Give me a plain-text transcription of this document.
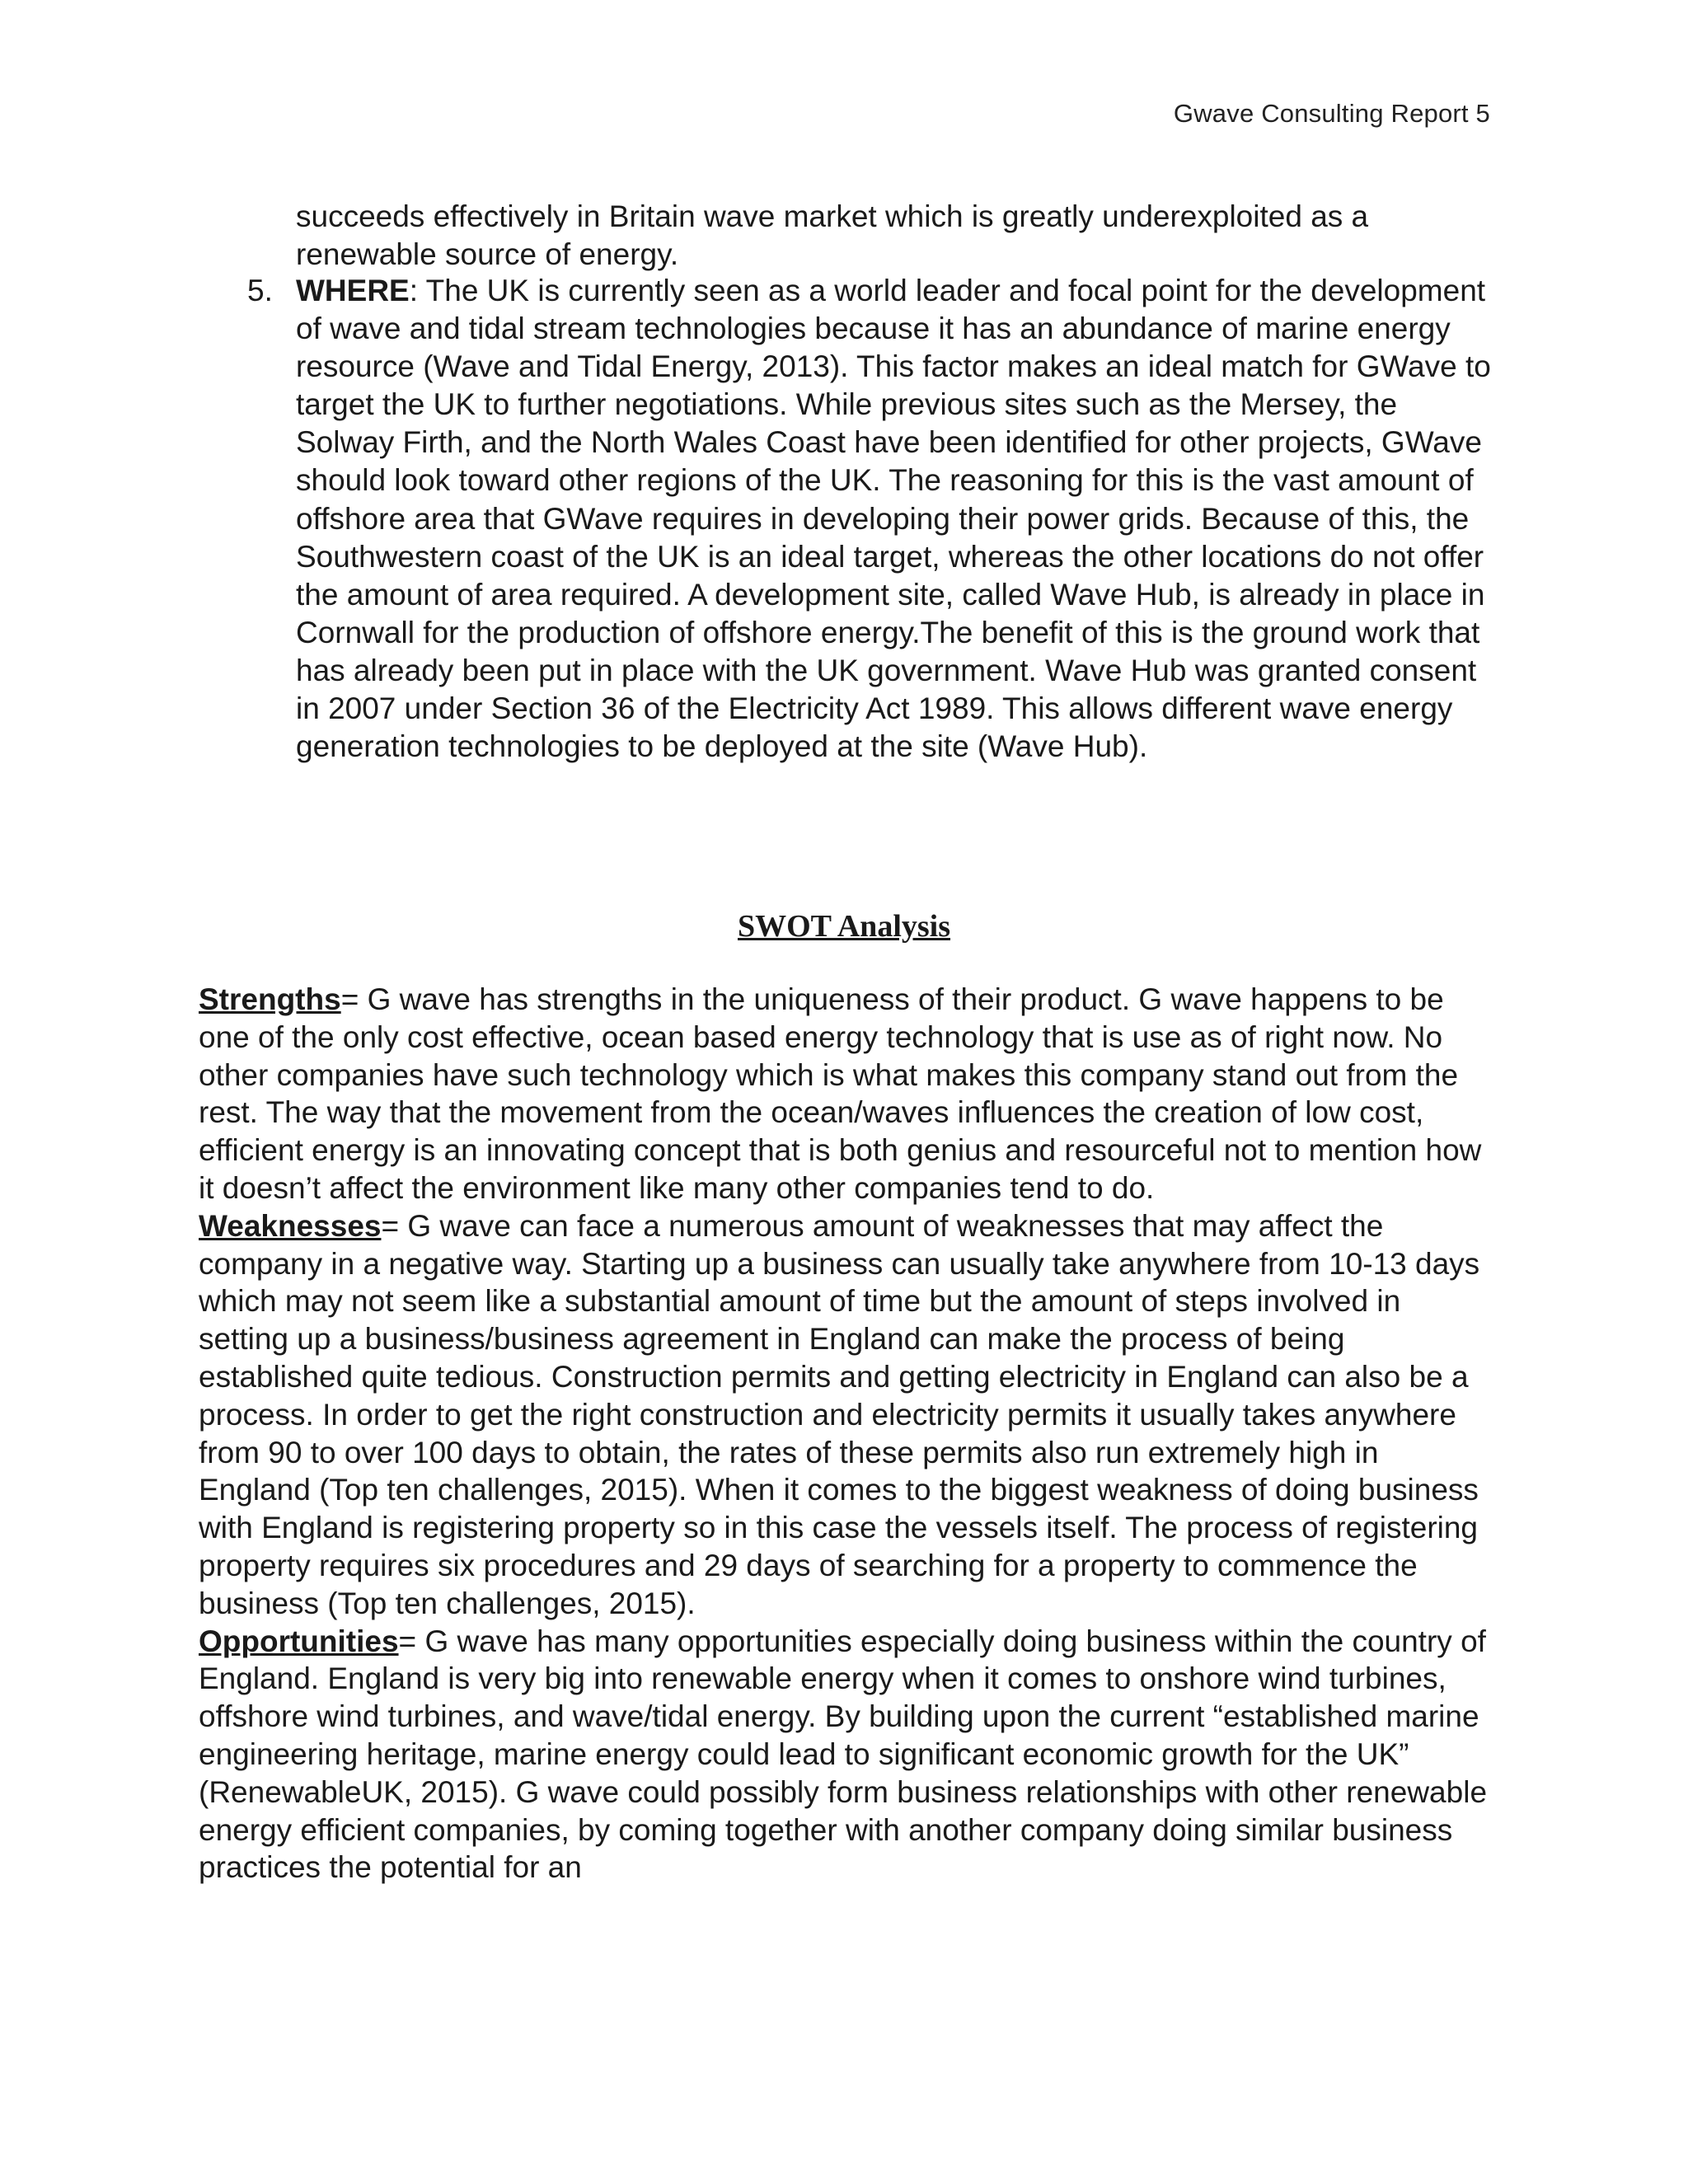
Gwave Consulting Report 5
succeeds effectively in Britain wave market which is greatly underexploited as a renewable source of energy.
5. WHERE: The UK is currently seen as a world leader and focal point for the development of wave and tidal stream technologies because it has an abundance of marine energy resource (Wave and Tidal Energy, 2013). This factor makes an ideal match for GWave to target the UK to further negotiations. While previous sites such as the Mersey, the Solway Firth, and the North Wales Coast have been identified for other projects, GWave should look toward other regions of the UK. The reasoning for this is the vast amount of offshore area that GWave requires in developing their power grids. Because of this, the Southwestern coast of the UK is an ideal target, whereas the other locations do not offer the amount of area required. A development site, called Wave Hub, is already in place in Cornwall for the production of offshore energy.The benefit of this is the ground work that has already been put in place with the UK government. Wave Hub was granted consent in 2007 under Section 36 of the Electricity Act 1989. This allows different wave energy generation technologies to be deployed at the site (Wave Hub).
SWOT Analysis

Strengths= G wave has strengths in the uniqueness of their product. G wave happens to be one of the only cost effective, ocean based energy technology that is use as of right now. No other companies have such technology which is what makes this company stand out from the rest. The way that the movement from the ocean/waves influences the creation of low cost, efficient energy is an innovating concept that is both genius and resourceful not to mention how it doesn’t affect the environment like many other companies tend to do.

Weaknesses= G wave can face a numerous amount of weaknesses that may affect the company in a negative way. Starting up a business can usually take anywhere from 10-13 days which may not seem like a substantial amount of time but the amount of steps involved in setting up a business/business agreement in England can make the process of being established quite tedious. Construction permits and getting electricity in England can also be a process. In order to get the right construction and electricity permits it usually takes anywhere from 90 to over 100 days to obtain, the rates of these permits also run extremely high in England (Top ten challenges, 2015). When it comes to the biggest weakness of doing business with England is registering property so in this case the vessels itself. The process of registering property requires six procedures and 29 days of searching for a property to commence the business (Top ten challenges, 2015).

Opportunities= G wave has many opportunities especially doing business within the country of England. England is very big into renewable energy when it comes to onshore wind turbines, offshore wind turbines, and wave/tidal energy. By building upon the current “established marine engineering heritage, marine energy could lead to significant economic growth for the UK” (RenewableUK, 2015). G wave could possibly form business relationships with other renewable energy efficient companies, by coming together with another company doing similar business practices the potential for an
